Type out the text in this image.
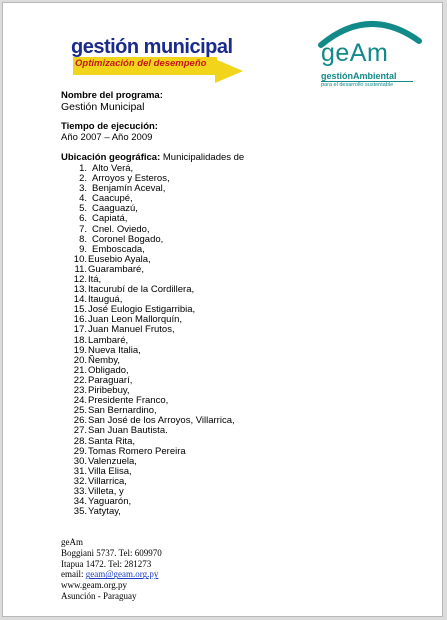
gestión municipal
Optimización del desempeño	geAm
gestiónAmbiental
para el desarrollo sustentable
Nombre del programa:
Gestión Municipal
Tiempo de ejecución:
Año 2007 – Año 2009
Ubicación geográfica: Municipalidades de
1. Alto Verá,
2. Arroyos y Esteros,
3. Benjamín Aceval,
4. Caacupé,
5. Caaguazú,
6. Capiatá,
7. Cnel. Oviedo,
8. Coronel Bogado,
9. Emboscada,
10. Eusebio Ayala,
11. Guarambaré,
12. Itá,
13. Itacurubí de la Cordillera,
14. Itauguá,
15. José Eulogio Estigarribia,
16. Juan Leon Mallorquín,
17. Juan Manuel Frutos,
18. Lambaré,
19. Nueva Italia,
20. Ñemby,
21. Obligado,
22. Paraguarí,
23. Piribebuy,
24. Presidente Franco,
25. San Bernardino,
26. San José de los Arroyos, Villarrica,
27. San Juan Bautista.
28. Santa Rita,
29. Tomas Romero Pereira
30. Valenzuela,
31. Villa Elisa,
32. Villarrica,
33. Villeta, y
34. Yaguarón,
35. Yatytay,
geAm
Boggiani 5737. Tel: 609970
Itapua 1472. Tel: 281273
email: geam@geam.org.py
www.geam.org.py
Asunción - Paraguay
